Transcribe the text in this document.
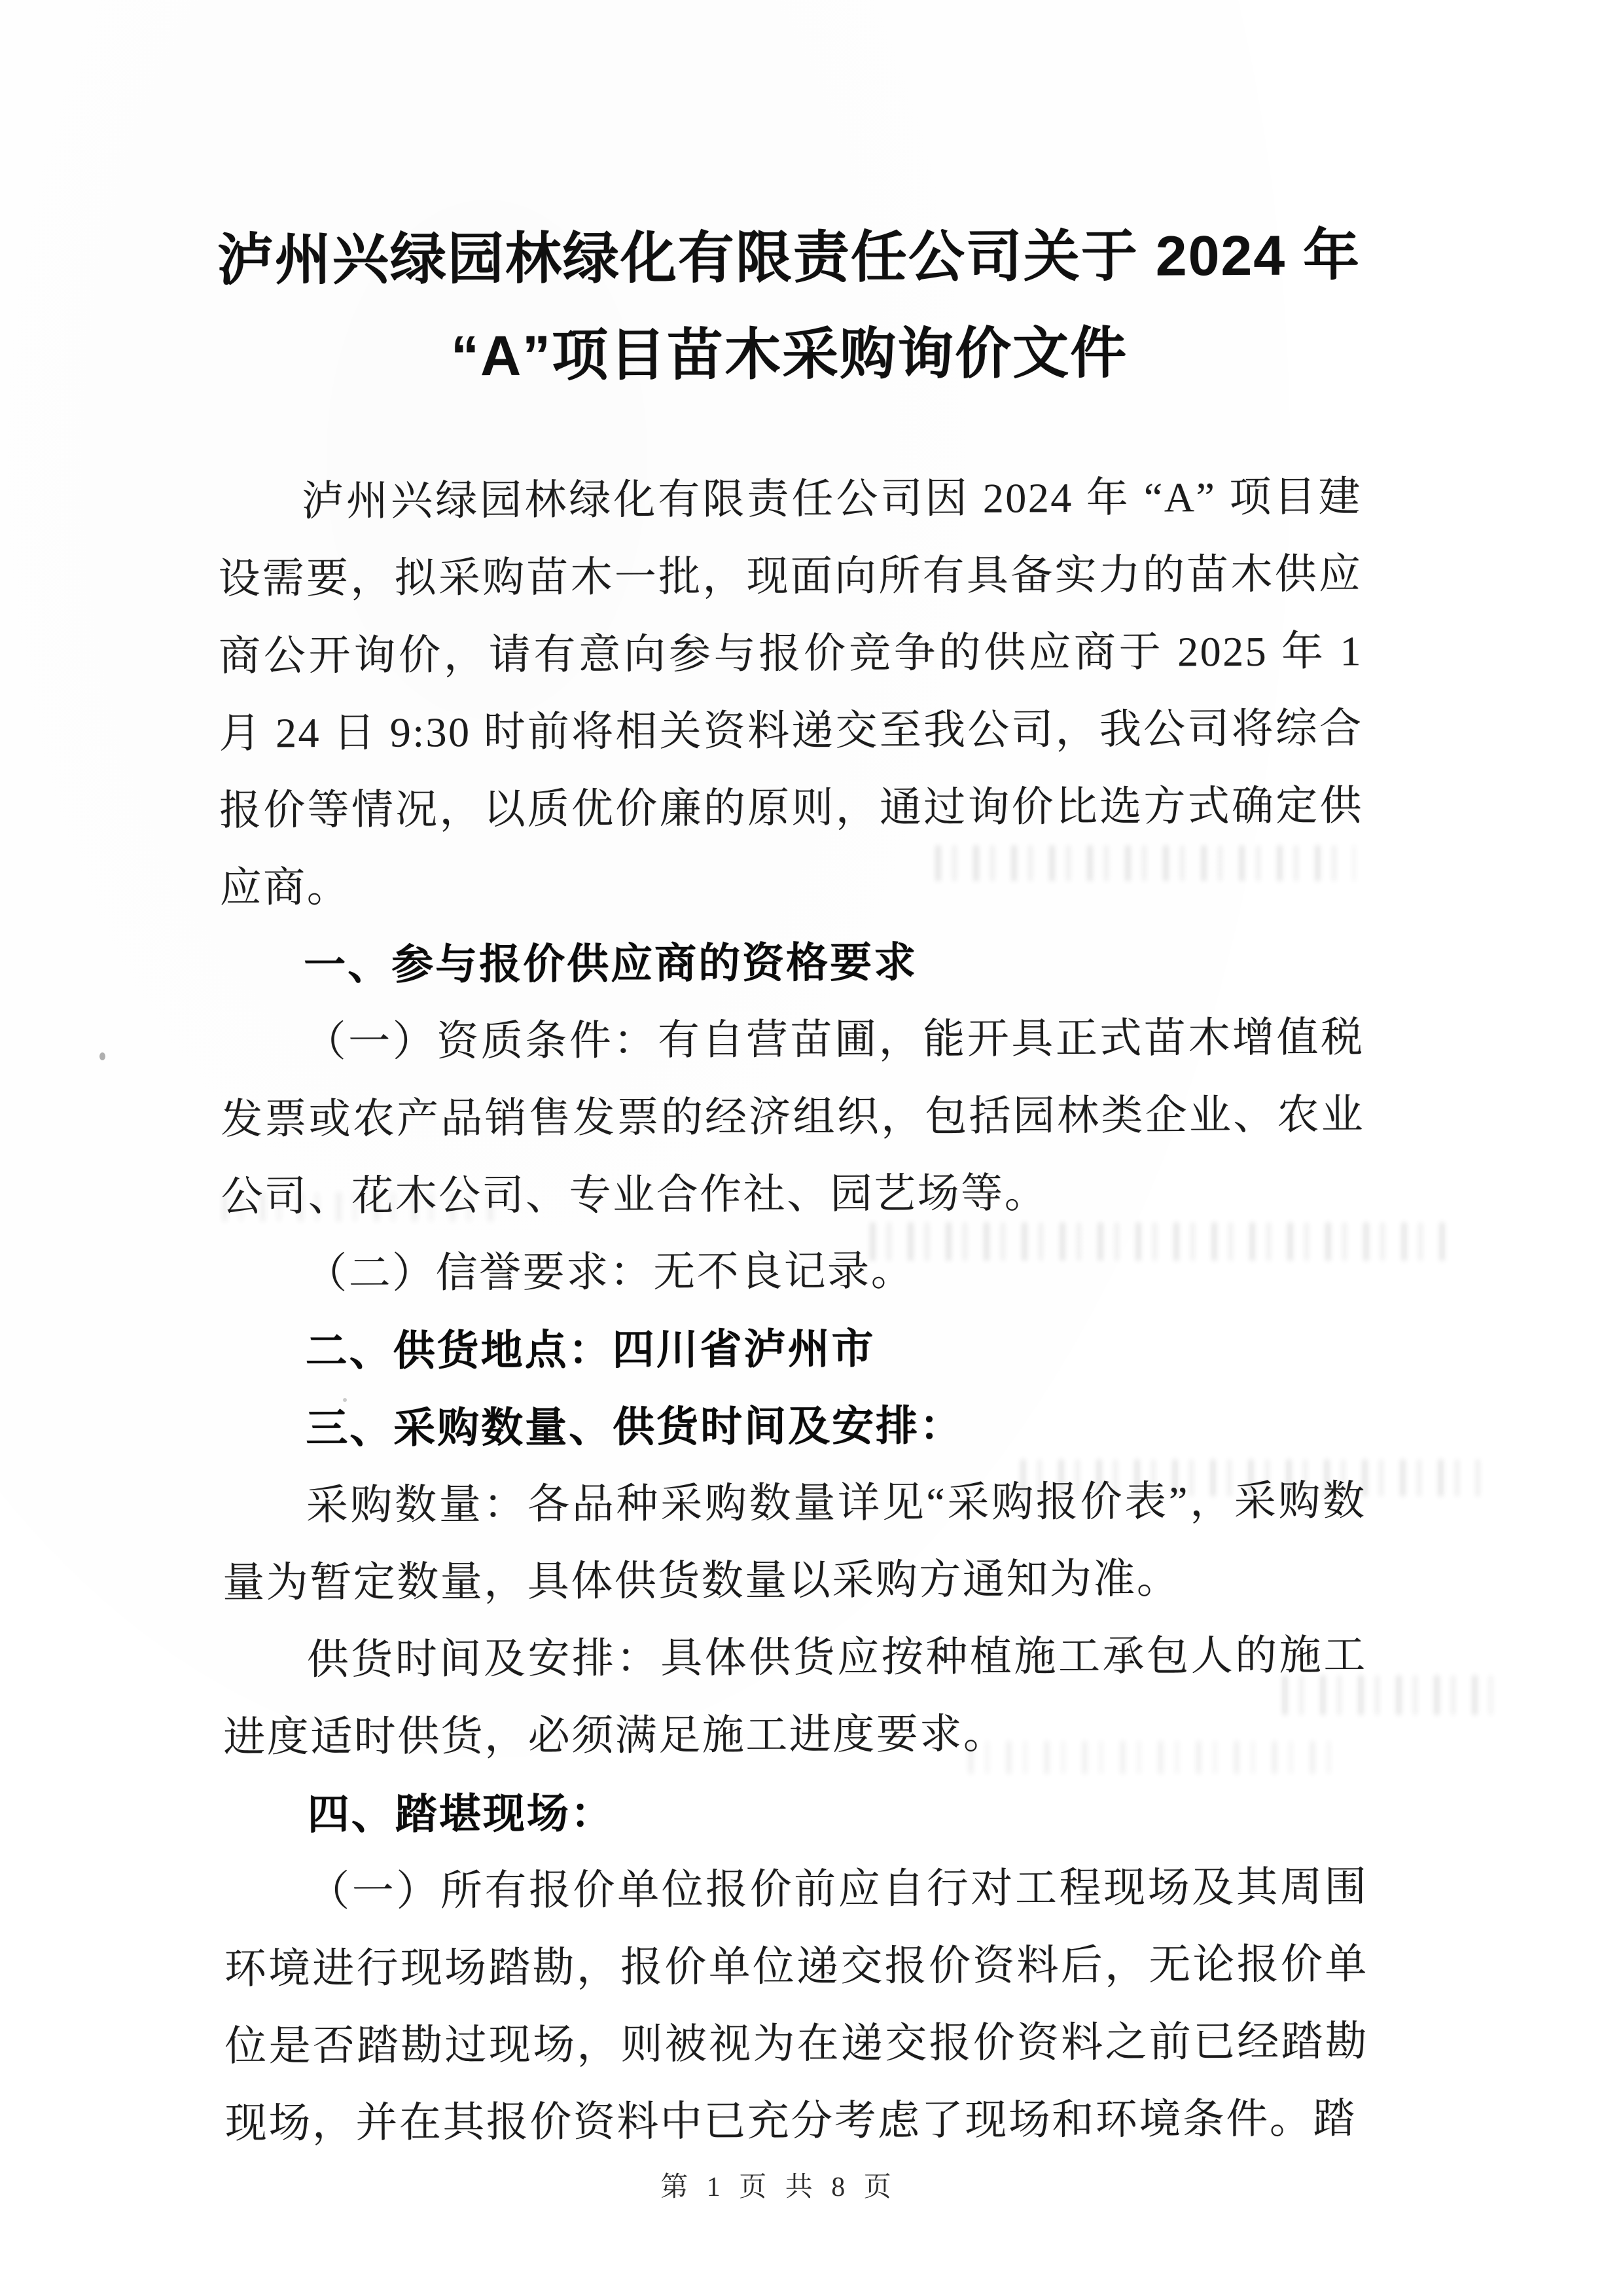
泸州兴绿园林绿化有限责任公司关于 2024 年
“A”项目苗木采购询价文件

泸州兴绿园林绿化有限责任公司因 2024 年 “A” 项目建设需要，拟采购苗木一批，现面向所有具备实力的苗木供应商公开询价，请有意向参与报价竞争的供应商于 2025 年 1 月 24 日 9:30 时前将相关资料递交至我公司，我公司将综合报价等情况，以质优价廉的原则，通过询价比选方式确定供应商。

一、参与报价供应商的资格要求

（一）资质条件：有自营苗圃，能开具正式苗木增值税发票或农产品销售发票的经济组织，包括园林类企业、农业公司、花木公司、专业合作社、园艺场等。

（二）信誉要求：无不良记录。

二、供货地点：四川省泸州市

三、采购数量、供货时间及安排：

采购数量：各品种采购数量详见“采购报价表”，采购数量为暂定数量，具体供货数量以采购方通知为准。

供货时间及安排：具体供货应按种植施工承包人的施工进度适时供货，必须满足施工进度要求。

四、踏堪现场：

（一）所有报价单位报价前应自行对工程现场及其周围环境进行现场踏勘，报价单位递交报价资料后，无论报价单位是否踏勘过现场，则被视为在递交报价资料之前已经踏勘现场，并在其报价资料中已充分考虑了现场和环境条件。踏

第 1 页 共 8 页
